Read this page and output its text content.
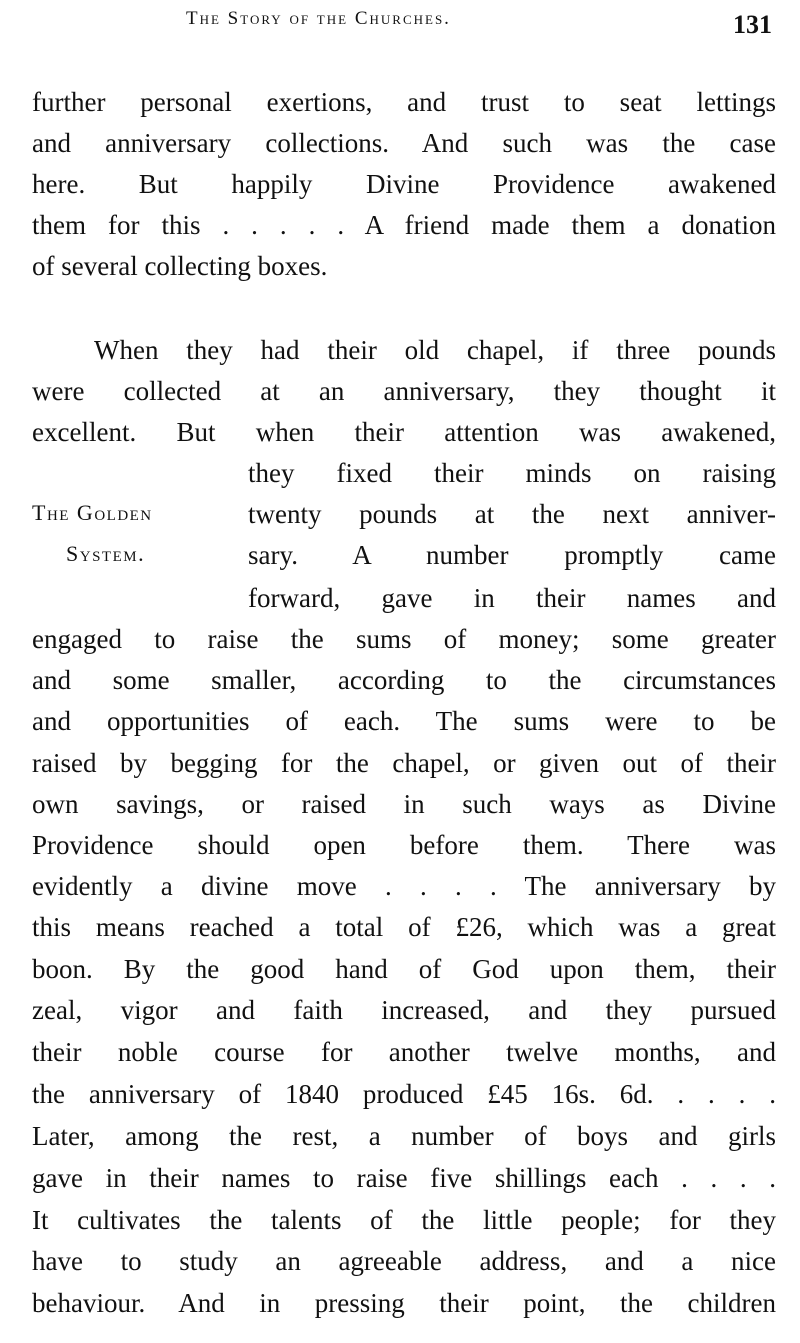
The Story of the Churches.	131
further personal exertions, and trust to seat lettings
and anniversary collections. And such was the case
here. But happily Divine Providence awakened
them for this . . . . . A friend made them a donation
of several collecting boxes.
When they had their old chapel, if three pounds
were collected at an anniversary, they thought it
excellent. But when their attention was awakened,
The Golden
System.
they fixed their minds on raising
twenty pounds at the next anniver-
sary. A number promptly came
forward, gave in their names and
engaged to raise the sums of money; some greater
and some smaller, according to the circumstances
and opportunities of each. The sums were to be
raised by begging for the chapel, or given out of their
own savings, or raised in such ways as Divine
Providence should open before them. There was
evidently a divine move . . . . The anniversary by
this means reached a total of £26, which was a great
boon. By the good hand of God upon them, their
zeal, vigor and faith increased, and they pursued
their noble course for another twelve months, and
the anniversary of 1840 produced £45 16s. 6d. . . . .
Later, among the rest, a number of boys and girls
gave in their names to raise five shillings each . . . .
It cultivates the talents of the little people; for they
have to study an agreeable address, and a nice
behaviour. And in pressing their point, the children
